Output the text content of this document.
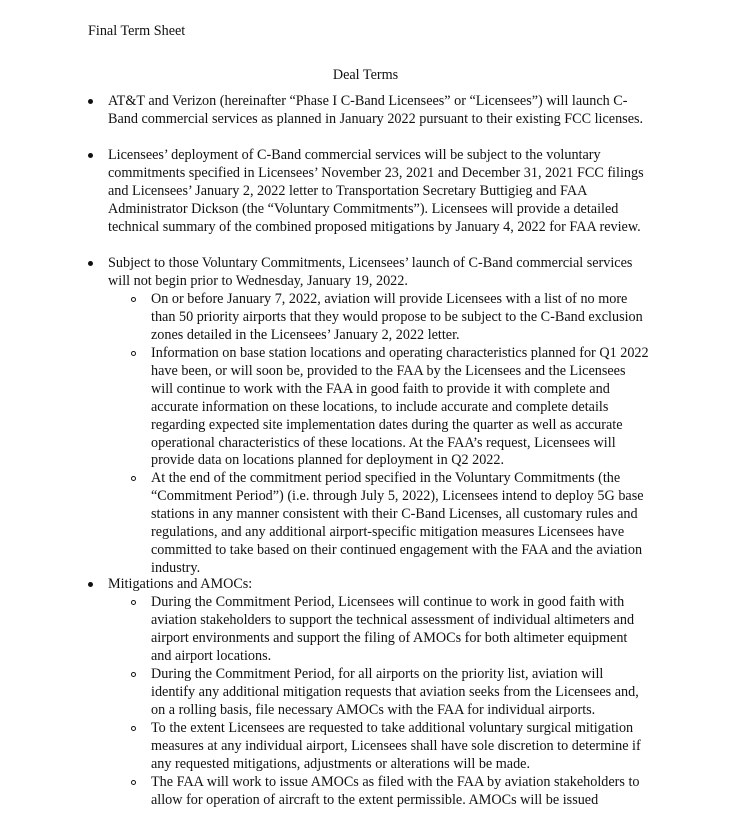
Final Term Sheet
Deal Terms
AT&T and Verizon (hereinafter “Phase I C-Band Licensees” or “Licensees”) will launch C-Band commercial services as planned in January 2022 pursuant to their existing FCC licenses.
Licensees’ deployment of C-Band commercial services will be subject to the voluntary commitments specified in Licensees’ November 23, 2021 and December 31, 2021 FCC filings and Licensees’ January 2, 2022 letter to Transportation Secretary Buttigieg and FAA Administrator Dickson (the “Voluntary Commitments”). Licensees will provide a detailed technical summary of the combined proposed mitigations by January 4, 2022 for FAA review.
Subject to those Voluntary Commitments, Licensees’ launch of C-Band commercial services will not begin prior to Wednesday, January 19, 2022.
On or before January 7, 2022, aviation will provide Licensees with a list of no more than 50 priority airports that they would propose to be subject to the C-Band exclusion zones detailed in the Licensees’ January 2, 2022 letter.
Information on base station locations and operating characteristics planned for Q1 2022 have been, or will soon be, provided to the FAA by the Licensees and the Licensees will continue to work with the FAA in good faith to provide it with complete and accurate information on these locations, to include accurate and complete details regarding expected site implementation dates during the quarter as well as accurate operational characteristics of these locations. At the FAA’s request, Licensees will provide data on locations planned for deployment in Q2 2022.
At the end of the commitment period specified in the Voluntary Commitments (the “Commitment Period”) (i.e. through July 5, 2022), Licensees intend to deploy 5G base stations in any manner consistent with their C-Band Licenses, all customary rules and regulations, and any additional airport-specific mitigation measures Licensees have committed to take based on their continued engagement with the FAA and the aviation industry.
Mitigations and AMOCs:
During the Commitment Period, Licensees will continue to work in good faith with aviation stakeholders to support the technical assessment of individual altimeters and airport environments and support the filing of AMOCs for both altimeter equipment and airport locations.
During the Commitment Period, for all airports on the priority list, aviation will identify any additional mitigation requests that aviation seeks from the Licensees and, on a rolling basis, file necessary AMOCs with the FAA for individual airports.
To the extent Licensees are requested to take additional voluntary surgical mitigation measures at any individual airport, Licensees shall have sole discretion to determine if any requested mitigations, adjustments or alterations will be made.
The FAA will work to issue AMOCs as filed with the FAA by aviation stakeholders to allow for operation of aircraft to the extent permissible. AMOCs will be issued
